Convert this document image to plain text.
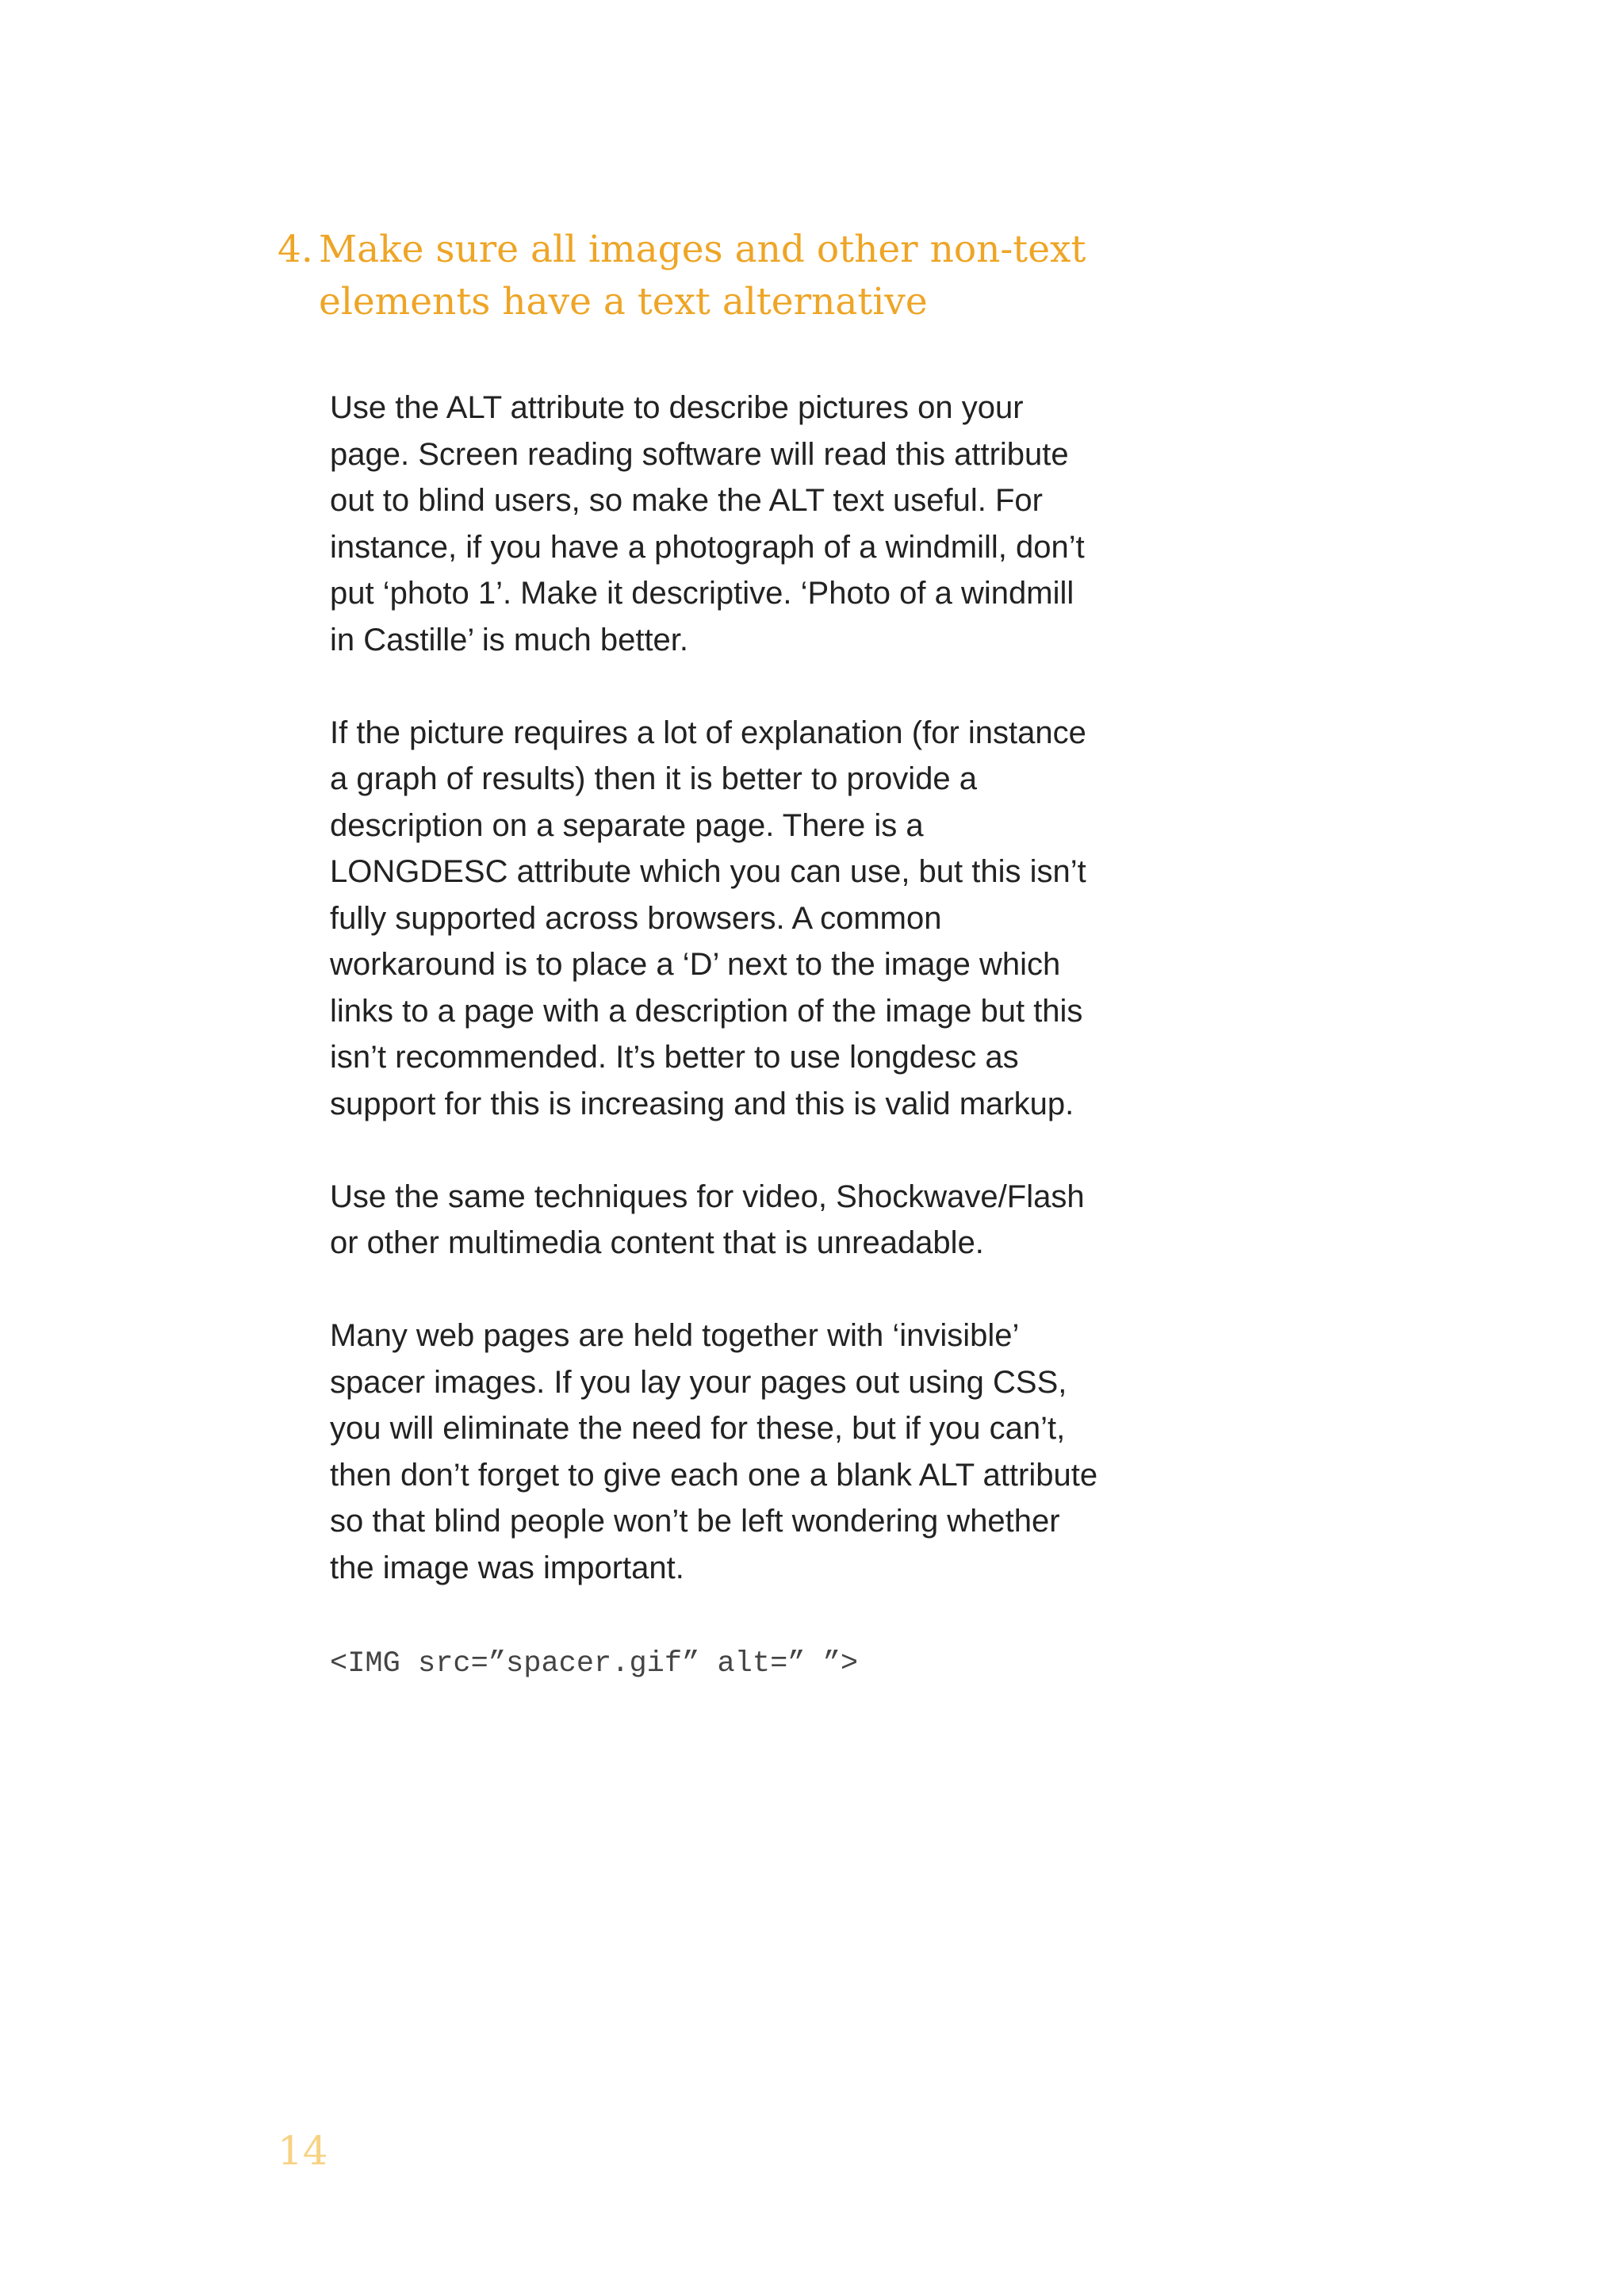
4. Make sure all images and other non-text
elements have a text alternative

Use the ALT attribute to describe pictures on your page. Screen reading software will read this attribute out to blind users, so make the ALT text useful. For instance, if you have a photograph of a windmill, don’t put ‘photo 1’. Make it descriptive. ‘Photo of a windmill in Castille’ is much better.

If the picture requires a lot of explanation (for instance a graph of results) then it is better to provide a description on a separate page. There is a LONGDESC attribute which you can use, but this isn’t fully supported across browsers. A common workaround is to place a ‘D’ next to the image which links to a page with a description of the image but this isn’t recommended. It’s better to use longdesc as support for this is increasing and this is valid markup.

Use the same techniques for video, Shockwave/Flash or other multimedia content that is unreadable.

Many web pages are held together with ‘invisible’ spacer images. If you lay your pages out using CSS, you will eliminate the need for these, but if you can’t, then don’t forget to give each one a blank ALT attribute so that blind people won’t be left wondering whether the image was important.

<IMG src=”spacer.gif” alt=” ”>
14
